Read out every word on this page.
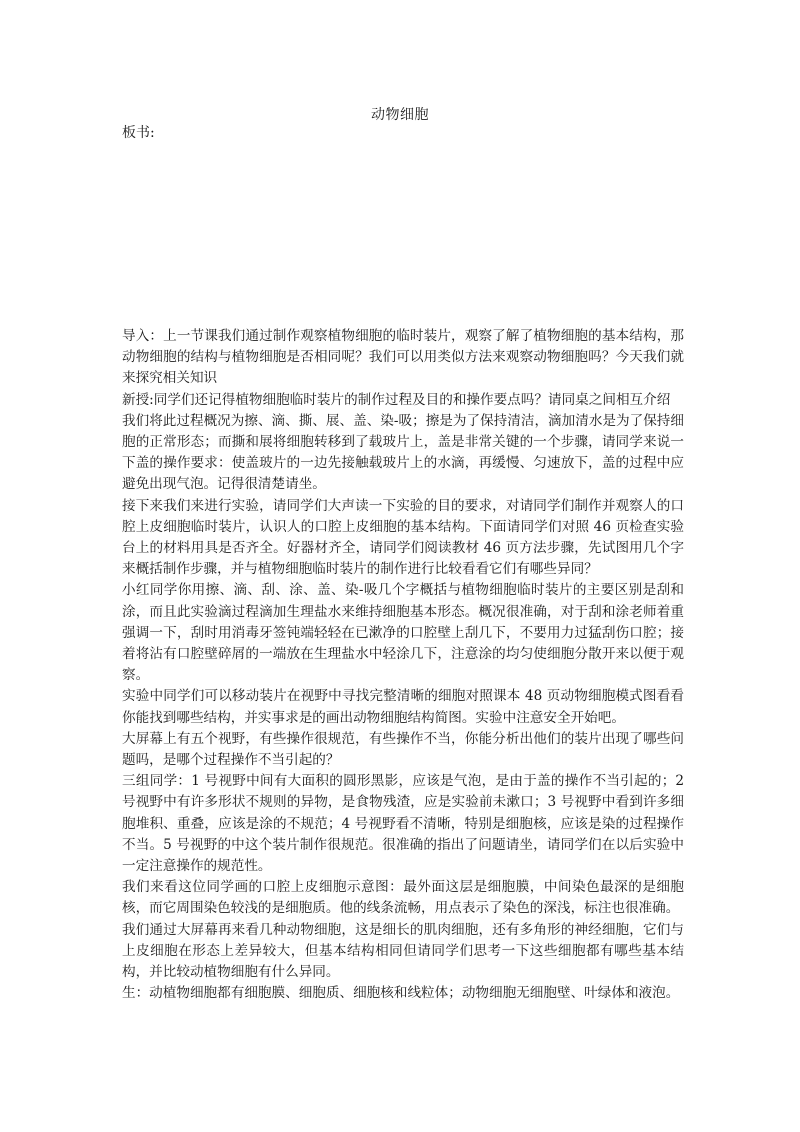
动物细胞
板书:

导入：上一节课我们通过制作观察植物细胞的临时装片，观察了解了植物细胞的基本结构，那动物细胞的结构与植物细胞是否相同呢？我们可以用类似方法来观察动物细胞吗？今天我们就来探究相关知识

新授:同学们还记得植物细胞临时装片的制作过程及目的和操作要点吗？请同桌之间相互介绍

我们将此过程概况为擦、滴、撕、展、盖、染-吸；擦是为了保持清洁，滴加清水是为了保持细胞的正常形态；而撕和展将细胞转移到了载玻片上，盖是非常关键的一个步骤，请同学来说一下盖的操作要求：使盖玻片的一边先接触载玻片上的水滴，再缓慢、匀速放下，盖的过程中应避免出现气泡。记得很清楚请坐。

接下来我们来进行实验，请同学们大声读一下实验的目的要求，对请同学们制作并观察人的口腔上皮细胞临时装片，认识人的口腔上皮细胞的基本结构。下面请同学们对照 46 页检查实验台上的材料用具是否齐全。好器材齐全，请同学们阅读教材 46 页方法步骤，先试图用几个字来概括制作步骤，并与植物细胞临时装片的制作进行比较看看它们有哪些异同？

小红同学你用擦、滴、刮、涂、盖、染-吸几个字概括与植物细胞临时装片的主要区别是刮和涂，而且此实验滴过程滴加生理盐水来维持细胞基本形态。概况很准确，对于刮和涂老师着重强调一下，刮时用消毒牙签钝端轻轻在已漱净的口腔壁上刮几下，不要用力过猛刮伤口腔；接着将沾有口腔壁碎屑的一端放在生理盐水中轻涂几下，注意涂的均匀使细胞分散开来以便于观察。

实验中同学们可以移动装片在视野中寻找完整清晰的细胞对照课本 48 页动物细胞模式图看看你能找到哪些结构，并实事求是的画出动物细胞结构简图。实验中注意安全开始吧。

大屏幕上有五个视野，有些操作很规范，有些操作不当，你能分析出他们的装片出现了哪些问题吗，是哪个过程操作不当引起的？

三组同学：1 号视野中间有大面积的圆形黑影，应该是气泡，是由于盖的操作不当引起的；2 号视野中有许多形状不规则的异物，是食物残渣，应是实验前未漱口；3 号视野中看到许多细胞堆积、重叠，应该是涂的不规范；4 号视野看不清晰，特别是细胞核，应该是染的过程操作不当。5 号视野的中这个装片制作很规范。很准确的指出了问题请坐，请同学们在以后实验中一定注意操作的规范性。

我们来看这位同学画的口腔上皮细胞示意图：最外面这层是细胞膜，中间染色最深的是细胞核，而它周围染色较浅的是细胞质。他的线条流畅，用点表示了染色的深浅，标注也很准确。

我们通过大屏幕再来看几种动物细胞，这是细长的肌肉细胞，还有多角形的神经细胞，它们与上皮细胞在形态上差异较大，但基本结构相同但请同学们思考一下这些细胞都有哪些基本结构，并比较动植物细胞有什么异同。

生：动植物细胞都有细胞膜、细胞质、细胞核和线粒体；动物细胞无细胞壁、叶绿体和液泡。
